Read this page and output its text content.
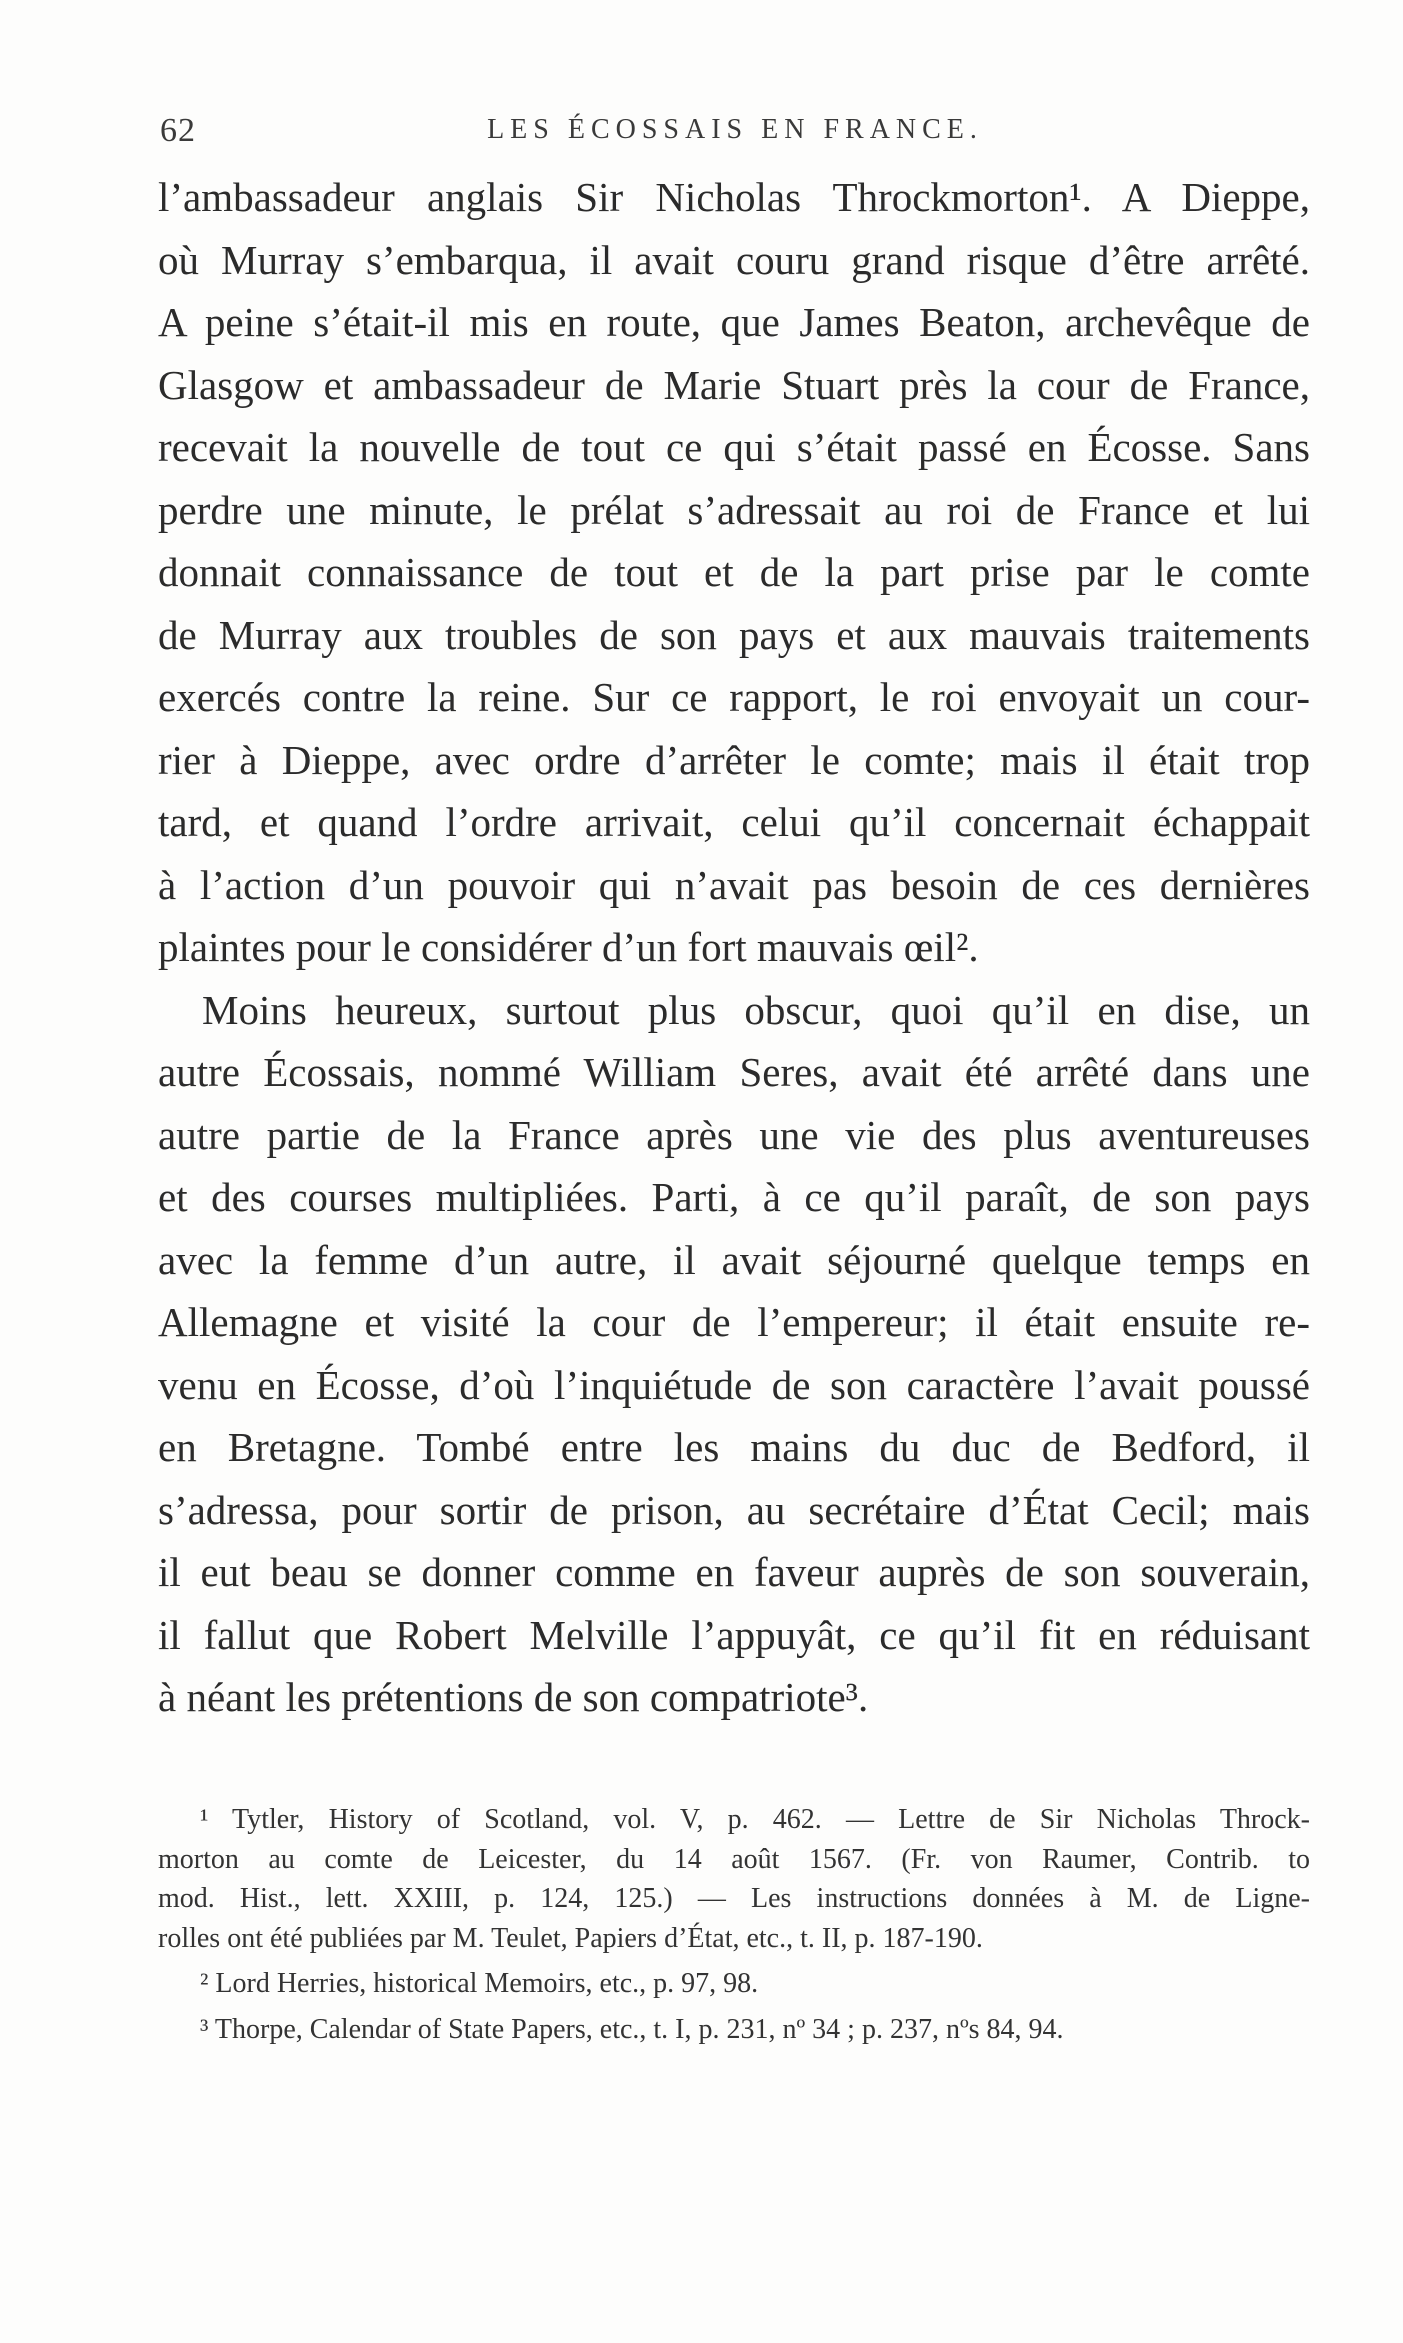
62	LES ÉCOSSAIS EN FRANCE.
l’ambassadeur anglais Sir Nicholas Throckmorton¹. A Dieppe,
où Murray s’embarqua, il avait couru grand risque d’être arrêté.
A peine s’était-il mis en route, que James Beaton, archevêque de
Glasgow et ambassadeur de Marie Stuart près la cour de France,
recevait la nouvelle de tout ce qui s’était passé en Écosse. Sans
perdre une minute, le prélat s’adressait au roi de France et lui
donnait connaissance de tout et de la part prise par le comte
de Murray aux troubles de son pays et aux mauvais traitements
exercés contre la reine. Sur ce rapport, le roi envoyait un cour-
rier à Dieppe, avec ordre d’arrêter le comte; mais il était trop
tard, et quand l’ordre arrivait, celui qu’il concernait échappait
à l’action d’un pouvoir qui n’avait pas besoin de ces dernières
plaintes pour le considérer d’un fort mauvais œil².
Moins heureux, surtout plus obscur, quoi qu’il en dise, un
autre Écossais, nommé William Seres, avait été arrêté dans une
autre partie de la France après une vie des plus aventureuses
et des courses multipliées. Parti, à ce qu’il paraît, de son pays
avec la femme d’un autre, il avait séjourné quelque temps en
Allemagne et visité la cour de l’empereur; il était ensuite re-
venu en Écosse, d’où l’inquiétude de son caractère l’avait poussé
en Bretagne. Tombé entre les mains du duc de Bedford, il
s’adressa, pour sortir de prison, au secrétaire d’État Cecil; mais
il eut beau se donner comme en faveur auprès de son souverain,
il fallut que Robert Melville l’appuyât, ce qu’il fit en réduisant
à néant les prétentions de son compatriote³.
¹ Tytler, History of Scotland, vol. V, p. 462. — Lettre de Sir Nicholas Throck-
morton au comte de Leicester, du 14 août 1567. (Fr. von Raumer, Contrib. to
mod. Hist., lett. XXIII, p. 124, 125.) — Les instructions données à M. de Ligne-
rolles ont été publiées par M. Teulet, Papiers d’État, etc., t. II, p. 187-190.
² Lord Herries, historical Memoirs, etc., p. 97, 98.
³ Thorpe, Calendar of State Papers, etc., t. I, p. 231, nº 34 ; p. 237, nºs 84, 94.
